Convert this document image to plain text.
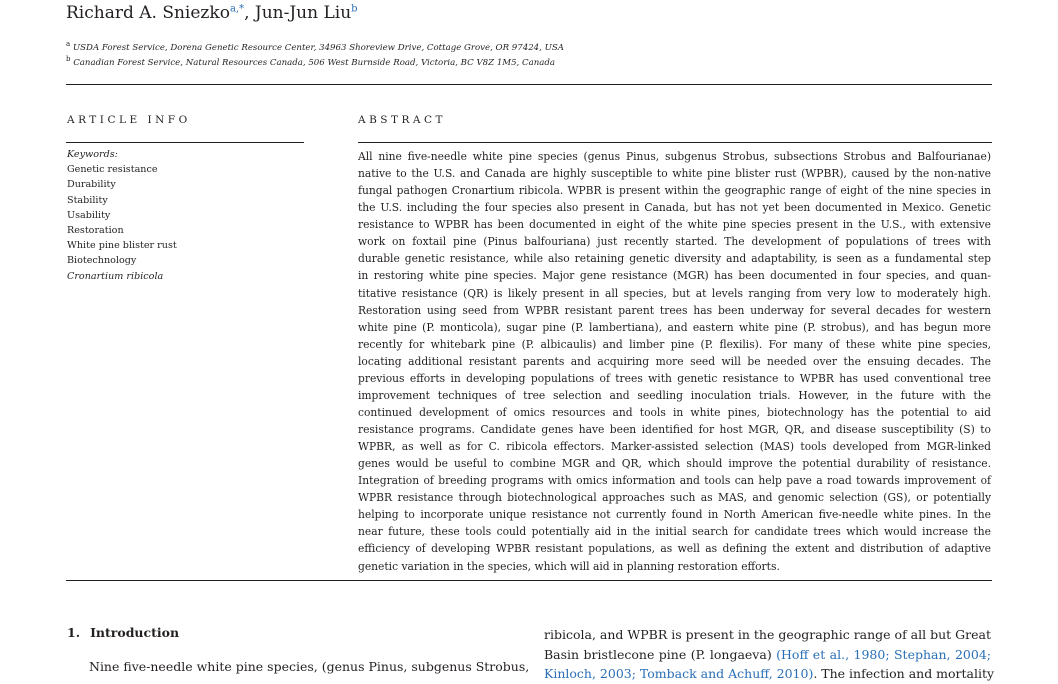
Richard A. Sniezko$^{a,*}$, Jun-Jun Liu$^b$
$^a$ USDA Forest Service, Dorena Genetic Resource Center, 34963 Shoreview Drive, Cottage Grove, OR 97424, USA
$^b$ Canadian Forest Service, Natural Resources Canada, 506 West Burnside Road, Victoria, BC V8Z 1M5, Canada
ARTICLE INFO	ABSTRACT
Keywords:
Genetic resistance
Durability
Stability
Usability
Restoration
White pine blister rust
Biotechnology
Cronartium ribicola
All nine five-needle white pine species (genus Pinus, subgenus Strobus, subsections Strobus and Balfourianae)
native to the U.S. and Canada are highly susceptible to white pine blister rust (WPBR), caused by the non-native
fungal pathogen Cronartium ribicola. WPBR is present within the geographic range of eight of the nine species in
the U.S. including the four species also present in Canada, but has not yet been documented in Mexico. Genetic
resistance to WPBR has been documented in eight of the white pine species present in the U.S., with extensive
work on foxtail pine (Pinus balfouriana) just recently started. The development of populations of trees with
durable genetic resistance, while also retaining genetic diversity and adaptability, is seen as a fundamental step
in restoring white pine species. Major gene resistance (MGR) has been documented in four species, and quan-
titative resistance (QR) is likely present in all species, but at levels ranging from very low to moderately high.
Restoration using seed from WPBR resistant parent trees has been underway for several decades for western
white pine (P. monticola), sugar pine (P. lambertiana), and eastern white pine (P. strobus), and has begun more
recently for whitebark pine (P. albicaulis) and limber pine (P. flexilis). For many of these white pine species,
locating additional resistant parents and acquiring more seed will be needed over the ensuing decades. The
previous efforts in developing populations of trees with genetic resistance to WPBR has used conventional tree
improvement techniques of tree selection and seedling inoculation trials. However, in the future with the
continued development of omics resources and tools in white pines, biotechnology has the potential to aid
resistance programs. Candidate genes have been identified for host MGR, QR, and disease susceptibility (S) to
WPBR, as well as for C. ribicola effectors. Marker-assisted selection (MAS) tools developed from MGR-linked
genes would be useful to combine MGR and QR, which should improve the potential durability of resistance.
Integration of breeding programs with omics information and tools can help pave a road towards improvement of
WPBR resistance through biotechnological approaches such as MAS, and genomic selection (GS), or potentially
helping to incorporate unique resistance not currently found in North American five-needle white pines. In the
near future, these tools could potentially aid in the initial search for candidate trees which would increase the
efficiency of developing WPBR resistant populations, as well as defining the extent and distribution of adaptive
genetic variation in the species, which will aid in planning restoration efforts.
1. Introduction
Nine five-needle white pine species, (genus Pinus, subgenus Strobus,
ribicola, and WPBR is present in the geographic range of all but Great
Basin bristlecone pine (P. longaeva) (Hoff et al., 1980; Stephan, 2004;
Kinloch, 2003; Tomback and Achuff, 2010). The infection and mortality
